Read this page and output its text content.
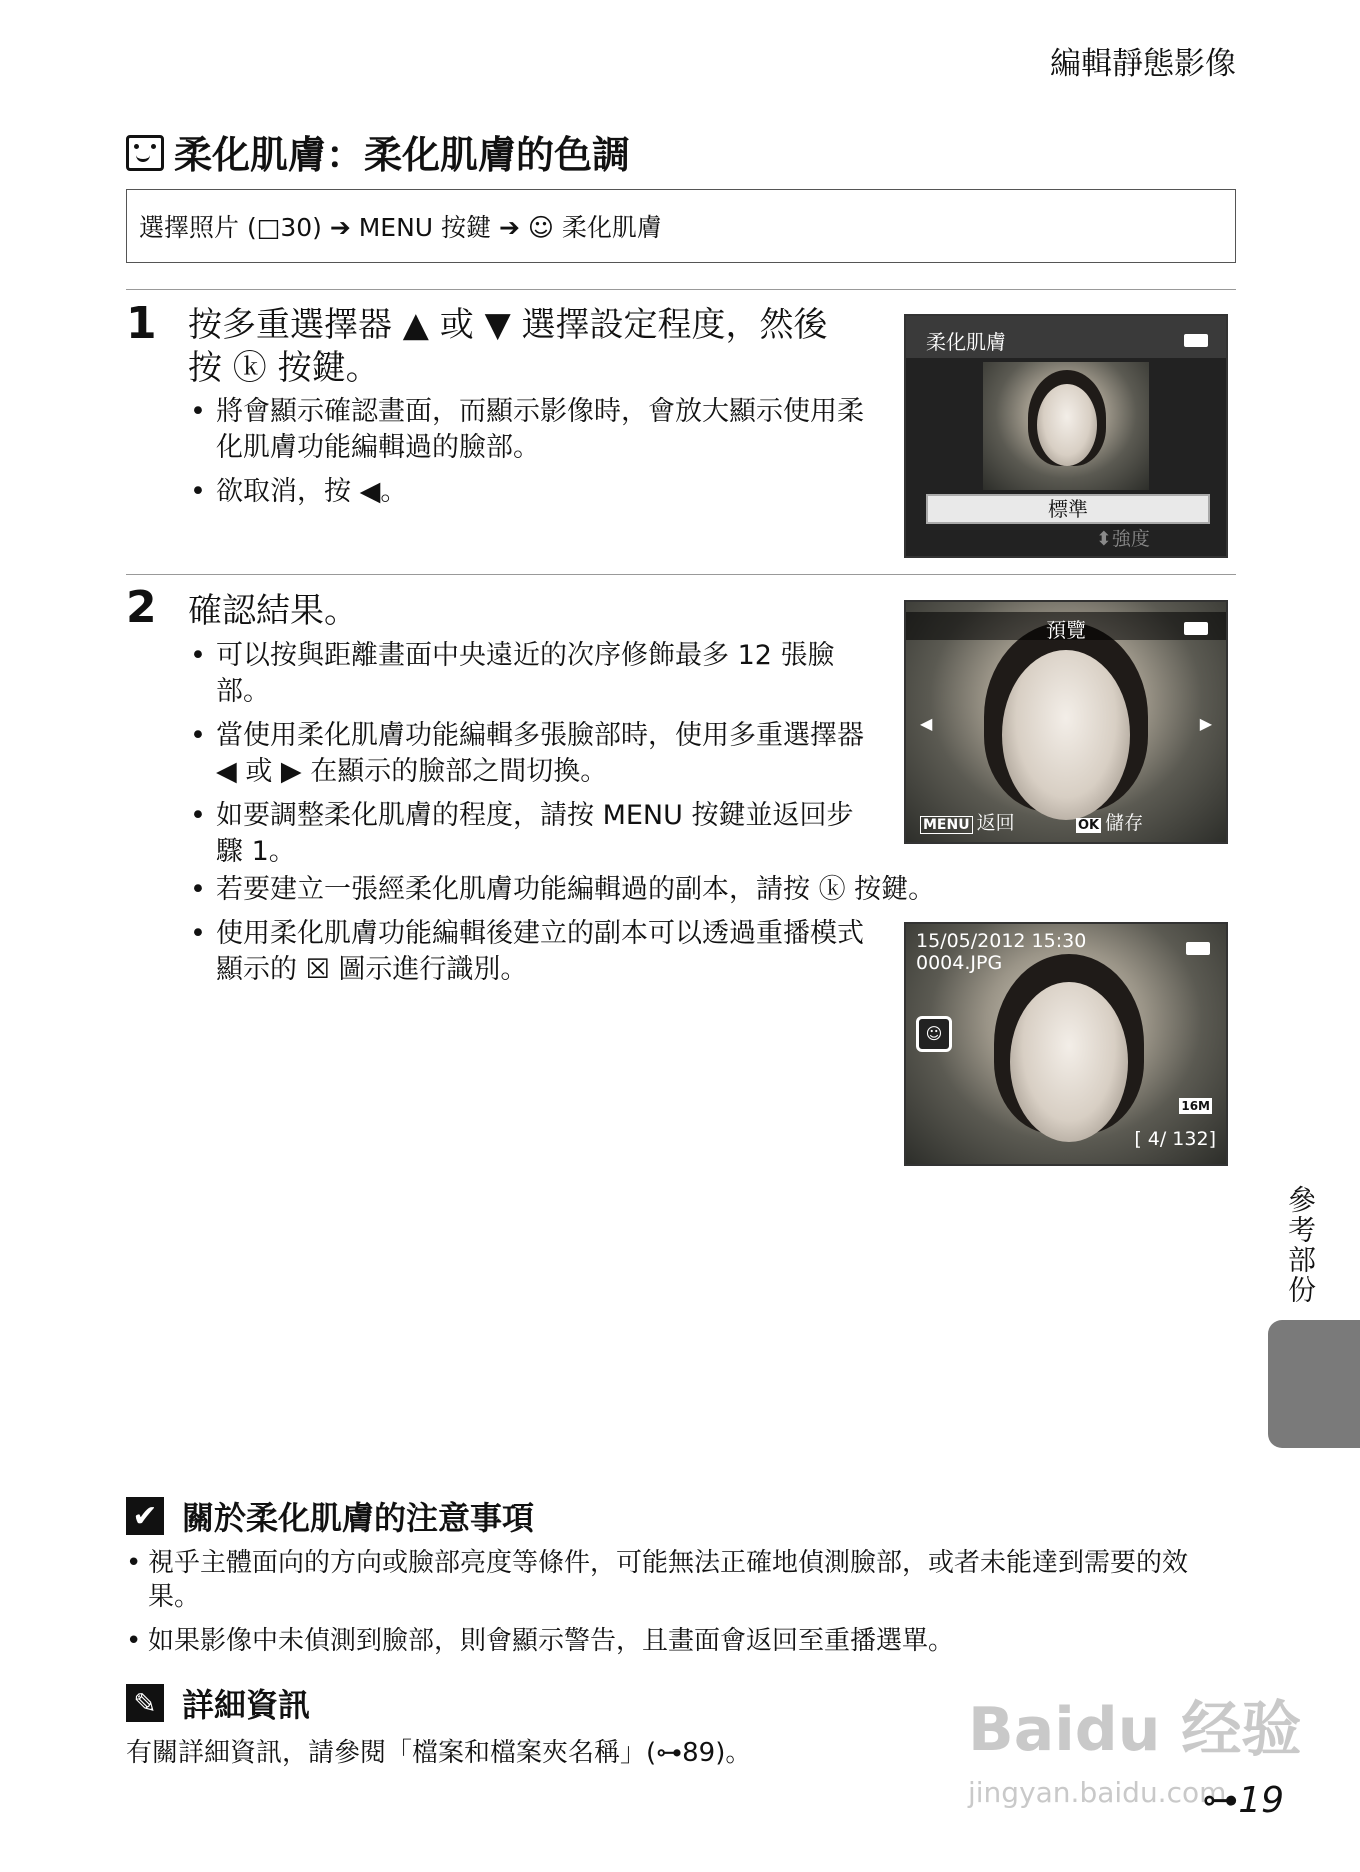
編輯靜態影像
柔化肌膚：柔化肌膚的色調
選擇照片 (□30) ➔ MENU 按鍵 ➔ ☺ 柔化肌膚
1 按多重選擇器 ▲ 或 ▼ 選擇設定程度，然後
按 ⓚ 按鍵。
• 將會顯示確認畫面，而顯示影像時，會放大顯示使用柔化肌膚功能編輯過的臉部。
• 欲取消，按 ◀。
柔化肌膚
標準
⬍強度
2 確認結果。
• 可以按與距離畫面中央遠近的次序修飾最多 12 張臉部。
• 當使用柔化肌膚功能編輯多張臉部時，使用多重選擇器 ◀ 或 ▶ 在顯示的臉部之間切換。
• 如要調整柔化肌膚的程度，請按 MENU 按鍵並返回步驟 1。
• 若要建立一張經柔化肌膚功能編輯過的副本，請按 ⓚ 按鍵。
• 使用柔化肌膚功能編輯後建立的副本可以透過重播模式顯示的 ☒ 圖示進行識別。
預覽
◀	▶
MENU 返回	OK 儲存
15/05/2012 15:30
0004.JPG
☺
16M
[ 4/ 132]
參考部份
✔ 關於柔化肌膚的注意事項
• 視乎主體面向的方向或臉部亮度等條件，可能無法正確地偵測臉部，或者未能達到需要的效果。
• 如果影像中未偵測到臉部，則會顯示警告，且畫面會返回至重播選單。
✎ 詳細資訊
有關詳細資訊，請參閱「檔案和檔案夾名稱」(⊶89)。	Baidu 经验
jingyan.baidu.com
⊶19
